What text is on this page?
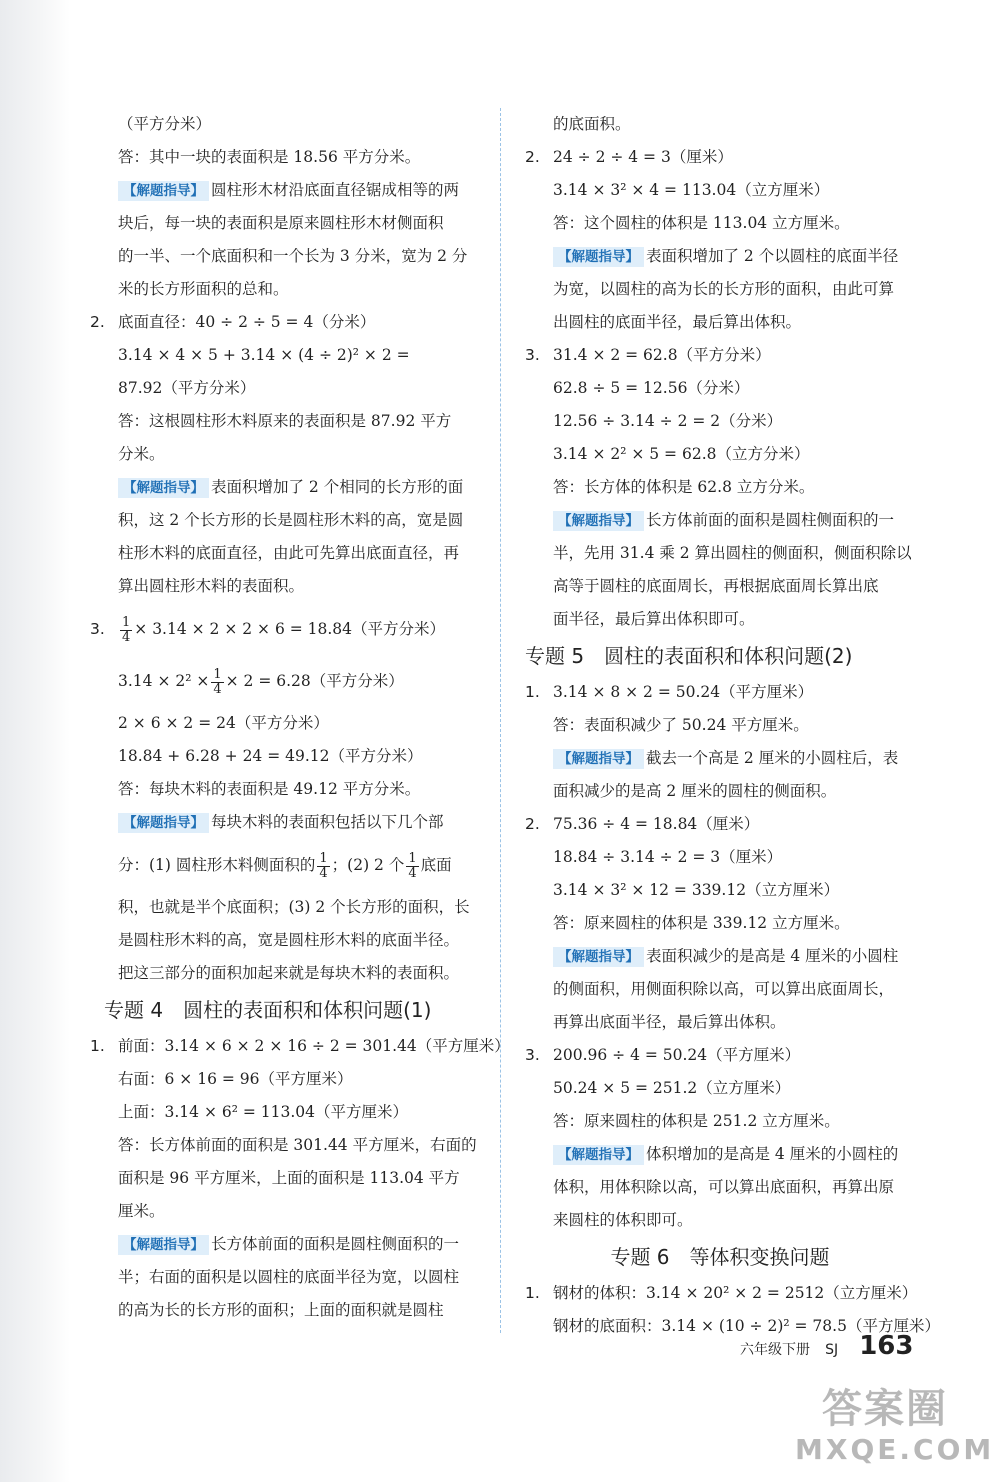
（平方分米）
答：其中一块的表面积是 18.56 平方分米。
【解题指导】 圆柱形木材沿底面直径锯成相等的两
块后，每一块的表面积是原来圆柱形木材侧面积
的一半、一个底面积和一个长为 3 分米，宽为 2 分
米的长方形面积的总和。
2. 底面直径：40 ÷ 2 ÷ 5 = 4（分米）
3.14 × 4 × 5 + 3.14 × (4 ÷ 2)² × 2 =
87.92（平方分米）
答：这根圆柱形木料原来的表面积是 87.92 平方
分米。
【解题指导】 表面积增加了 2 个相同的长方形的面
积，这 2 个长方形的长是圆柱形木料的高，宽是圆
柱形木料的底面直径，由此可先算出底面直径，再
算出圆柱形木料的表面积。
3. $\frac{1}{4} \times 3.14 \times 2 \times 2 \times 6 = 18.84$（平方分米）
$3.14 \times 2^2 \times \frac{1}{4} \times 2 = 6.28$（平方分米）
2 × 6 × 2 = 24（平方分米）
18.84 + 6.28 + 24 = 49.12（平方分米）
答：每块木料的表面积是 49.12 平方分米。
【解题指导】 每块木料的表面积包括以下几个部
分：(1) 圆柱形木料侧面积的 $\frac{1}{4}$ ；(2) 2 个 $\frac{1}{4}$ 底面
积，也就是半个底面积；(3) 2 个长方形的面积，长
是圆柱形木料的高，宽是圆柱形木料的底面半径。
把这三部分的面积加起来就是每块木料的表面积。
专题 4　圆柱的表面积和体积问题(1)
1. 前面：3.14 × 6 × 2 × 16 ÷ 2 = 301.44（平方厘米）
右面：6 × 16 = 96（平方厘米）
上面：3.14 × 6² = 113.04（平方厘米）
答：长方体前面的面积是 301.44 平方厘米，右面的
面积是 96 平方厘米，上面的面积是 113.04 平方
厘米。
【解题指导】 长方体前面的面积是圆柱侧面积的一
半；右面的面积是以圆柱的底面半径为宽，以圆柱
的高为长的长方形的面积；上面的面积就是圆柱
的底面积。
2. 24 ÷ 2 ÷ 4 = 3（厘米）
3.14 × 3² × 4 = 113.04（立方厘米）
答：这个圆柱的体积是 113.04 立方厘米。
【解题指导】 表面积增加了 2 个以圆柱的底面半径
为宽，以圆柱的高为长的长方形的面积，由此可算
出圆柱的底面半径，最后算出体积。
3. 31.4 × 2 = 62.8（平方分米）
62.8 ÷ 5 = 12.56（分米）
12.56 ÷ 3.14 ÷ 2 = 2（分米）
3.14 × 2² × 5 = 62.8（立方分米）
答：长方体的体积是 62.8 立方分米。
【解题指导】 长方体前面的面积是圆柱侧面积的一
半，先用 31.4 乘 2 算出圆柱的侧面积，侧面积除以
高等于圆柱的底面周长，再根据底面周长算出底
面半径，最后算出体积即可。
专题 5　圆柱的表面积和体积问题(2)
1. 3.14 × 8 × 2 = 50.24（平方厘米）
答：表面积减少了 50.24 平方厘米。
【解题指导】 截去一个高是 2 厘米的小圆柱后，表
面积减少的是高 2 厘米的圆柱的侧面积。
2. 75.36 ÷ 4 = 18.84（厘米）
18.84 ÷ 3.14 ÷ 2 = 3（厘米）
3.14 × 3² × 12 = 339.12（立方厘米）
答：原来圆柱的体积是 339.12 立方厘米。
【解题指导】 表面积减少的是高是 4 厘米的小圆柱
的侧面积，用侧面积除以高，可以算出底面周长，
再算出底面半径，最后算出体积。
3. 200.96 ÷ 4 = 50.24（平方厘米）
50.24 × 5 = 251.2（立方厘米）
答：原来圆柱的体积是 251.2 立方厘米。
【解题指导】 体积增加的是高是 4 厘米的小圆柱的
体积，用体积除以高，可以算出底面积，再算出原
来圆柱的体积即可。
专题 6　等体积变换问题
1. 钢材的体积：3.14 × 20² × 2 = 2512（立方厘米）
钢材的底面积：3.14 × (10 ÷ 2)² = 78.5（平方厘米）
六年级下册 SJ 163
答案圈
MXQE.COM
